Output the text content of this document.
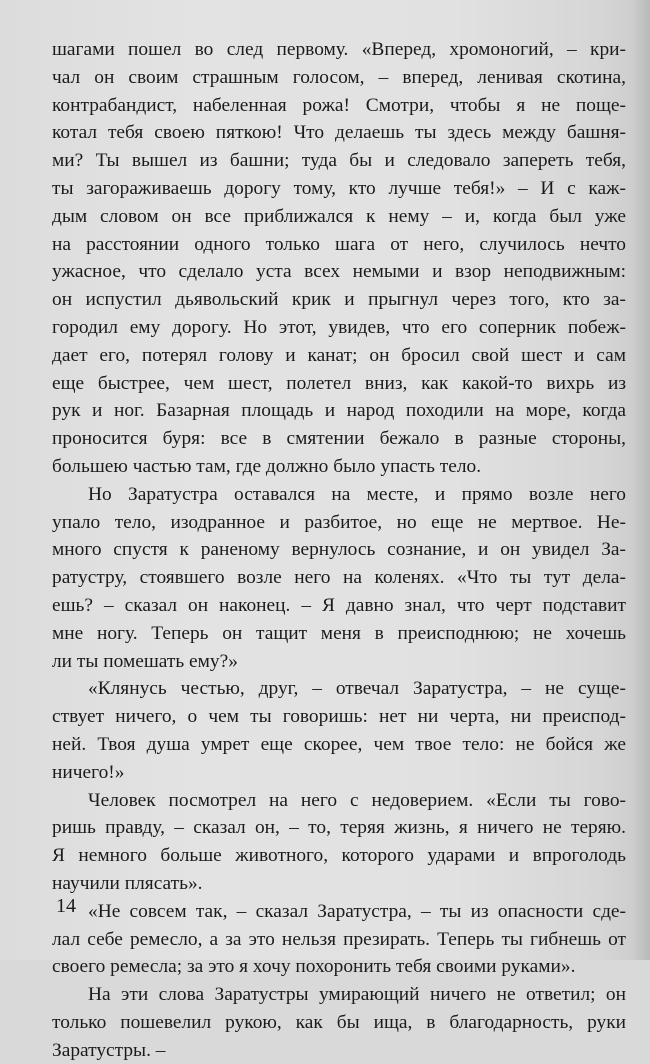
шагами пошел во след первому. «Вперед, хромоногий, – кри-
чал он своим страшным голосом, – вперед, ленивая скотина,
контрабандист, набеленная рожа! Смотри, чтобы я не поще-
котал тебя своею пяткою! Что делаешь ты здесь между башня-
ми? Ты вышел из башни; туда бы и следовало запереть тебя,
ты загораживаешь дорогу тому, кто лучше тебя!» – И с каж-
дым словом он все приближался к нему – и, когда был уже
на расстоянии одного только шага от него, случилось нечто
ужасное, что сделало уста всех немыми и взор неподвижным:
он испустил дьявольский крик и прыгнул через того, кто за-
городил ему дорогу. Но этот, увидев, что его соперник побеж-
дает его, потерял голову и канат; он бросил свой шест и сам
еще быстрее, чем шест, полетел вниз, как какой-то вихрь из
рук и ног. Базарная площадь и народ походили на море, когда
проносится буря: все в смятении бежало в разные стороны,
большею частью там, где должно было упасть тело.
Но Заратустра оставался на месте, и прямо возле него
упало тело, изодранное и разбитое, но еще не мертвое. Не-
много спустя к раненому вернулось сознание, и он увидел За-
ратустру, стоявшего возле него на коленях. «Что ты тут дела-
ешь? – сказал он наконец. – Я давно знал, что черт подставит
мне ногу. Теперь он тащит меня в преисподнюю; не хочешь
ли ты помешать ему?»
«Клянусь честью, друг, – отвечал Заратустра, – не суще-
ствует ничего, о чем ты говоришь: нет ни черта, ни преиспод-
ней. Твоя душа умрет еще скорее, чем твое тело: не бойся же
ничего!»
Человек посмотрел на него с недоверием. «Если ты гово-
ришь правду, – сказал он, – то, теряя жизнь, я ничего не теряю.
Я немного больше животного, которого ударами и впроголодь
научили плясать».
«Не совсем так, – сказал Заратустра, – ты из опасности сде-
лал себе ремесло, а за это нельзя презирать. Теперь ты гибнешь от
своего ремесла; за это я хочу похоронить тебя своими руками».
На эти слова Заратустры умирающий ничего не ответил; он
только пошевелил рукою, как бы ища, в благодарность, руки
Заратустры. –
14
